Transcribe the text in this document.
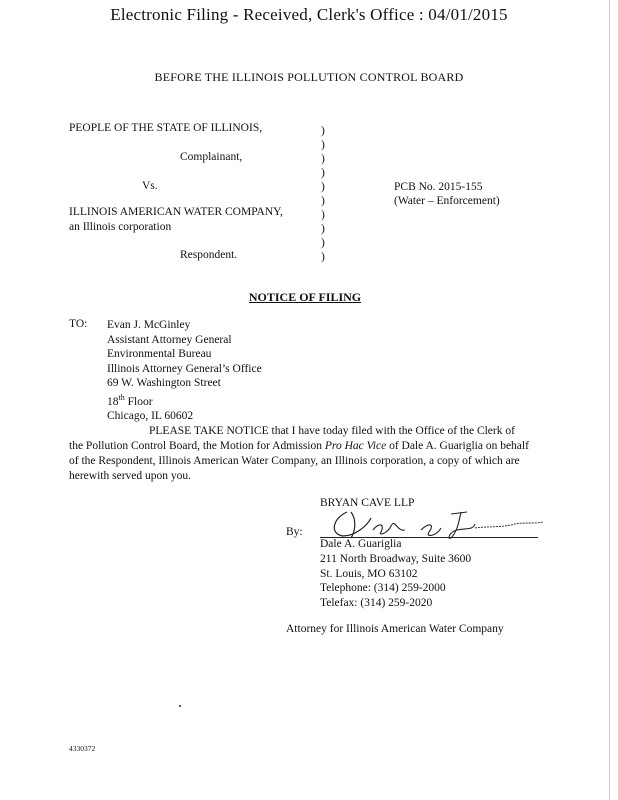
Electronic Filing - Received, Clerk's Office : 04/01/2015
BEFORE THE ILLINOIS POLLUTION CONTROL BOARD
PEOPLE OF THE STATE OF ILLINOIS,
Complainant,
Vs.
ILLINOIS AMERICAN WATER COMPANY,
an Illinois corporation
Respondent.
)
)
)
)
)
)
)
)
)
)
PCB No. 2015-155
(Water – Enforcement)
NOTICE OF FILING
TO: Evan J. McGinley
Assistant Attorney General
Environmental Bureau
Illinois Attorney General’s Office
69 W. Washington Street
18th Floor
Chicago, IL 60602
PLEASE TAKE NOTICE that I have today filed with the Office of the Clerk of the Pollution Control Board, the Motion for Admission Pro Hac Vice of Dale A. Guariglia on behalf of the Respondent, Illinois American Water Company, an Illinois corporation, a copy of which are herewith served upon you.
BRYAN CAVE LLP
By:
Dale A. Guariglia
211 North Broadway, Suite 3600
St. Louis, MO 63102
Telephone: (314) 259-2000
Telefax: (314) 259-2020
Attorney for Illinois American Water Company
4330372
